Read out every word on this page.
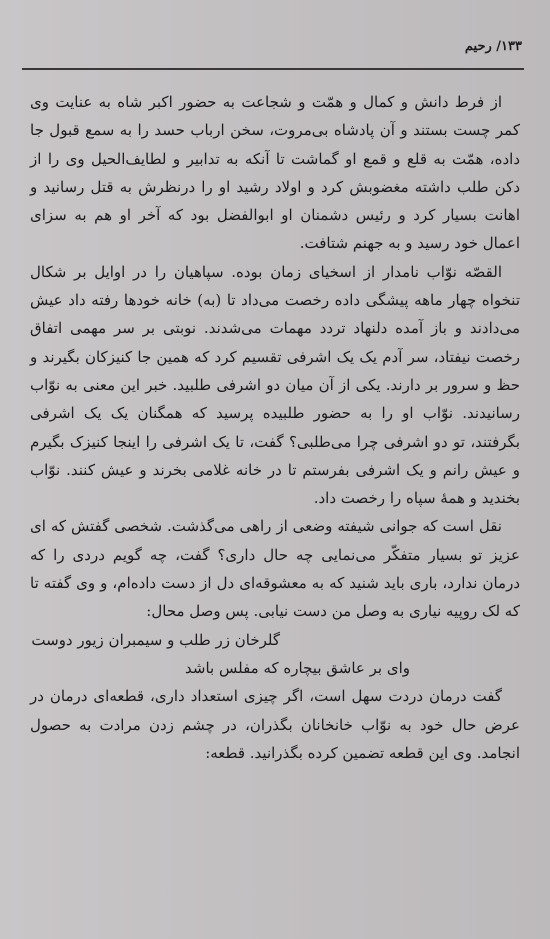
۱۳۳/ رحیم

از فرط دانش و کمال و همّت و شجاعت به حضور اکبر شاه به عنایت وی کمر چست بستند و آن پادشاه بی‌مروت، سخن ارباب حسد را به سمع قبول جا داده، همّت به قلع و قمع او گماشت تا آنکه به تدابیر و لطایف‌الحیل وی را از دکن طلب داشته مغضوبش کرد و اولاد رشید او را درنظرش به قتل رسانید و اهانت بسیار کرد و رئیس دشمنان او ابوالفضل بود که آخر او هم به سزای اعمال خود رسید و به جهنم شتافت.

القصّه نوّاب نامدار از اسخیای زمان بوده. سپاهیان را در اوایل بر شکال تنخواه چهار ماهه پیشگی داده رخصت می‌داد تا (به) خانه خودها رفته داد عیش می‌دادند و باز آمده دلنهاد تردد مهمات می‌شدند. نوبتی بر سر مهمی اتفاق رخصت نیفتاد، سر آدم یک یک اشرفی تقسیم کرد که همین جا کنیزکان بگیرند و حظ و سرور بر دارند. یکی از آن میان دو اشرفی طلبید. خبر این معنی به نوّاب رسانیدند. نوّاب او را به حضور طلبیده پرسید که همگنان یک یک اشرفی بگرفتند، تو دو اشرفی چرا می‌طلبی؟ گفت، تا یک اشرفی را اینجا کنیزک بگیرم و عیش رانم و یک اشرفی بفرستم تا در خانه غلامی بخرند و عیش کنند. نوّاب بخندید و همهٔ سپاه را رخصت داد.

نقل است که جوانی شیفته وضعی از راهی می‌گذشت. شخصی گفتش که ای عزیز تو بسیار متفکّر می‌نمایی چه حال داری؟ گفت، چه گویم دردی را که درمان ندارد، باری باید شنید که به معشوقه‌ای دل از دست داده‌ام، و وی گفته تا که لک روپیه نیاری به وصل من دست نیابی. پس وصل محال:

گلرخان زر طلب و سیمبران زیور دوست

وای بر عاشق بیچاره که مفلس باشد

گفت درمان دردت سهل است، اگر چیزی استعداد داری، قطعه‌ای درمان در عرض حال خود به نوّاب خانخانان بگذران، در چشم زدن مرادت به حصول انجامد. وی این قطعه تضمین کرده بگذرانید. قطعه:
